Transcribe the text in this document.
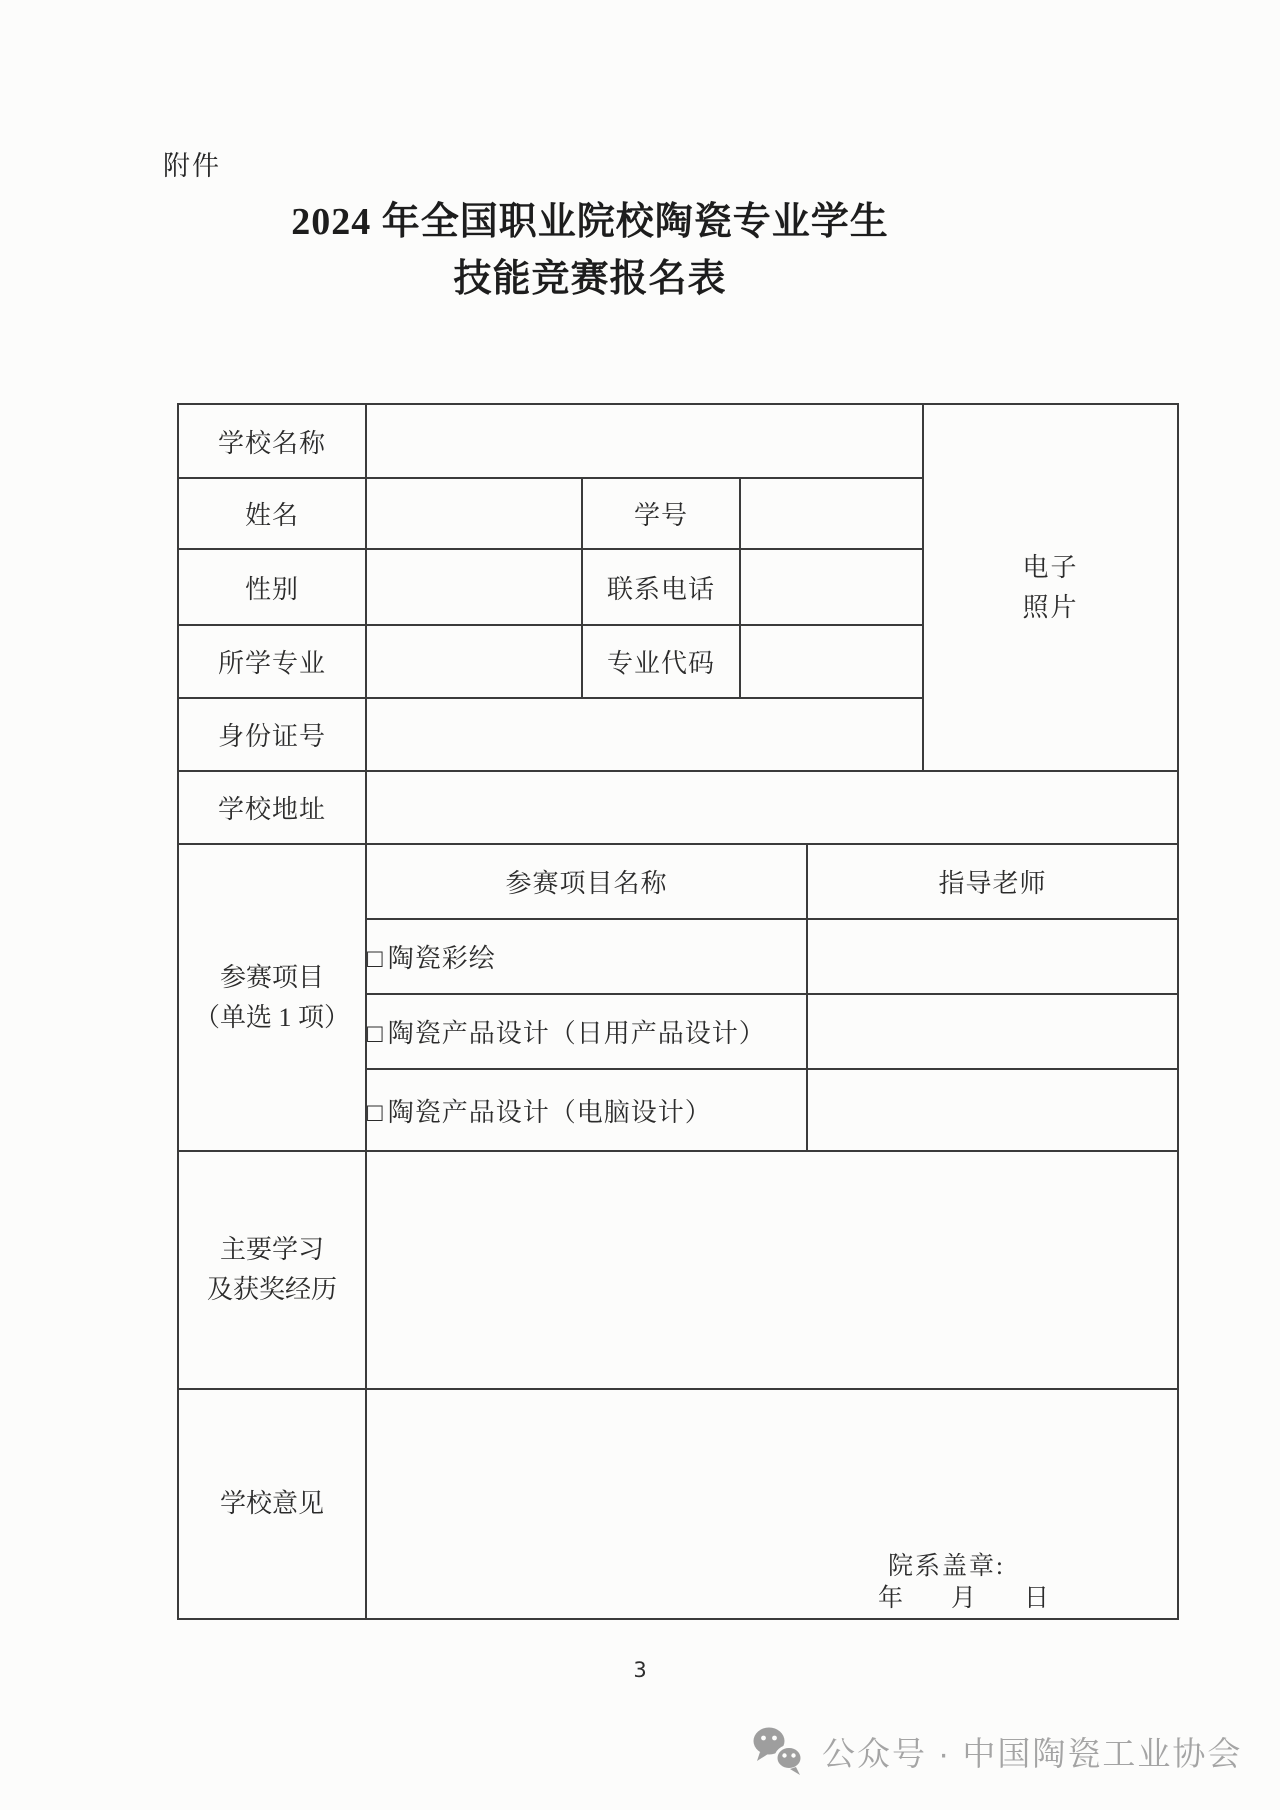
附件
2024 年全国职业院校陶瓷专业学生
技能竞赛报名表
学校名称					电子
照片
姓名		学号			
性别		联系电话			
所学专业		专业代码			
身份证号					
学校地址					
参赛项目
（单选 1 项）	参赛项目名称			指导老师	
	□ 陶瓷彩绘				
	□ 陶瓷产品设计（日用产品设计）				
	□ 陶瓷产品设计（电脑设计）				
主要学习
及获奖经历					
学校意见	院系盖章:
年 月 日				
3
公众号 · 中国陶瓷工业协会
